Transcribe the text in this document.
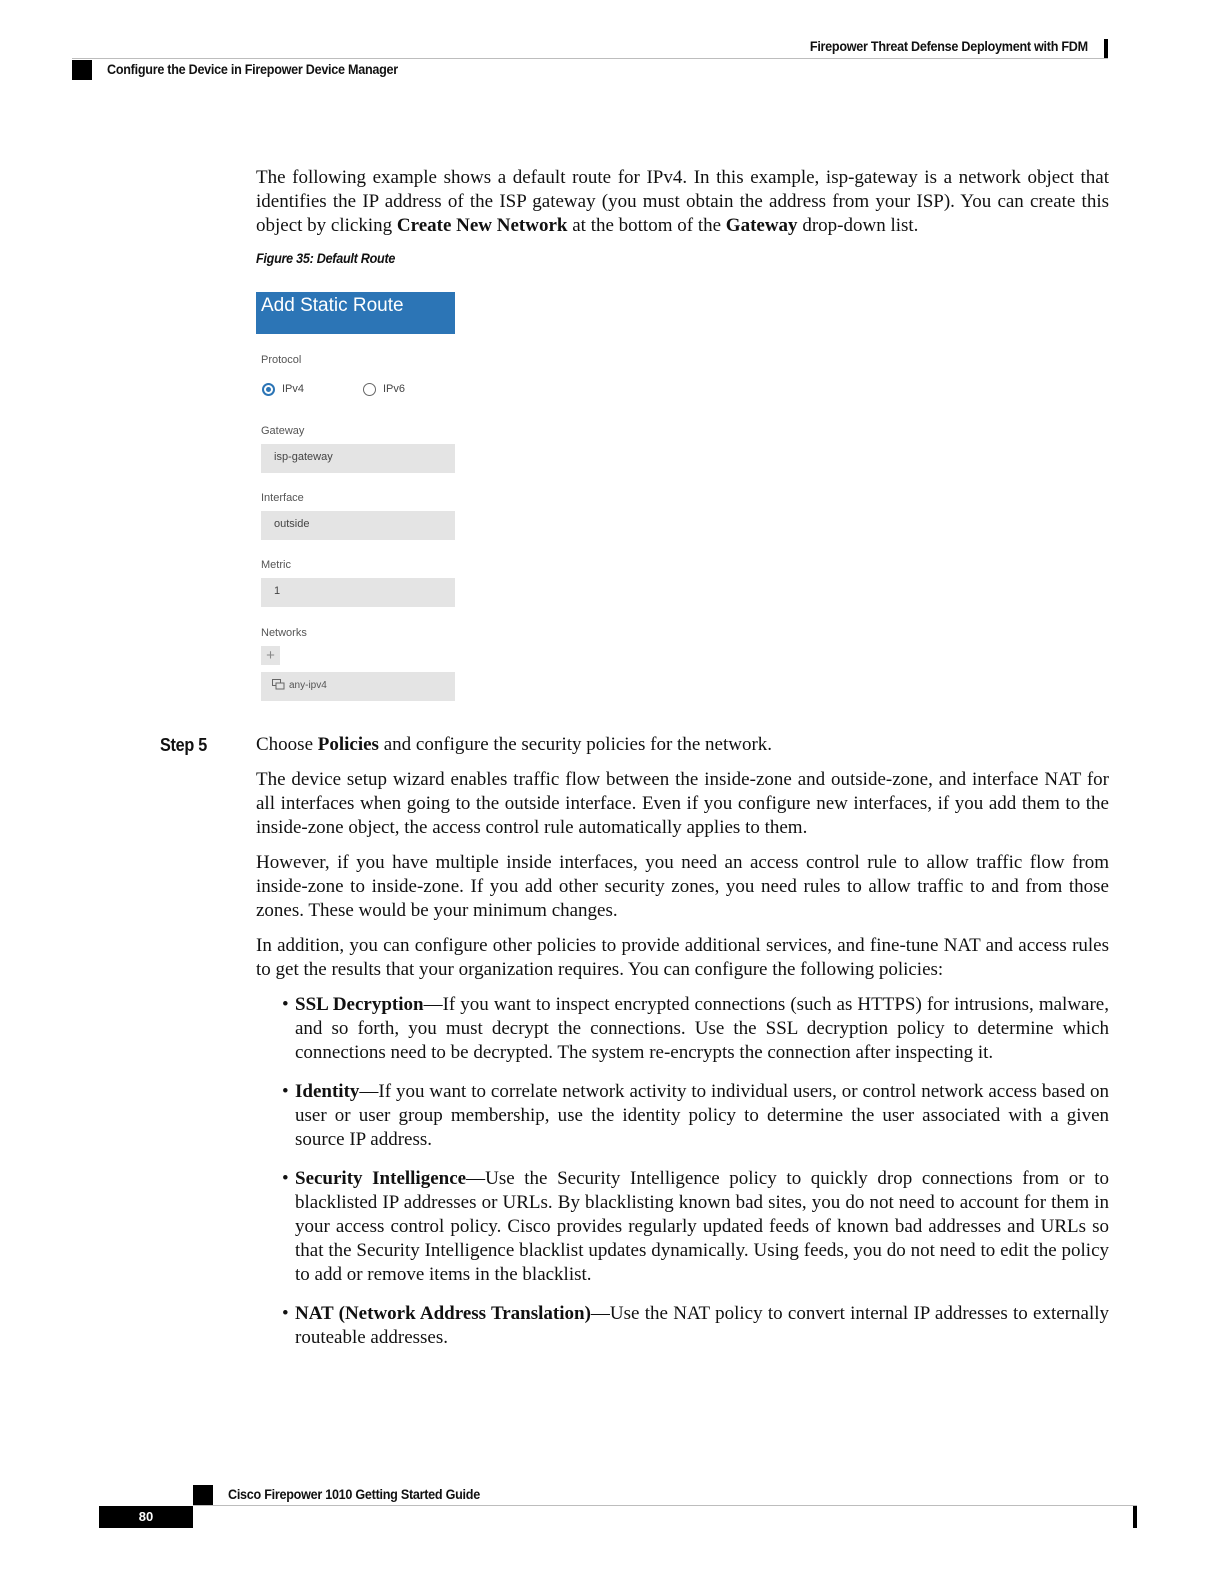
Firepower Threat Defense Deployment with FDM
Configure the Device in Firepower Device Manager

The following example shows a default route for IPv4. In this example, isp-gateway is a network object that identifies the IP address of the ISP gateway (you must obtain the address from your ISP). You can create this object by clicking Create New Network at the bottom of the Gateway drop-down list.

Figure 35: Default Route
Add Static Route
Protocol
IPv4	IPv6
Gateway
isp-gateway
Interface
outside
Metric
1
Networks
+
any-ipv4
Step 5	Choose Policies and configure the security policies for the network.

The device setup wizard enables traffic flow between the inside-zone and outside-zone, and interface NAT for all interfaces when going to the outside interface. Even if you configure new interfaces, if you add them to the inside-zone object, the access control rule automatically applies to them.

However, if you have multiple inside interfaces, you need an access control rule to allow traffic flow from inside-zone to inside-zone. If you add other security zones, you need rules to allow traffic to and from those zones. These would be your minimum changes.

In addition, you can configure other policies to provide additional services, and fine-tune NAT and access rules to get the results that your organization requires. You can configure the following policies:

• SSL Decryption—If you want to inspect encrypted connections (such as HTTPS) for intrusions, malware, and so forth, you must decrypt the connections. Use the SSL decryption policy to determine which connections need to be decrypted. The system re-encrypts the connection after inspecting it.
• Identity—If you want to correlate network activity to individual users, or control network access based on user or user group membership, use the identity policy to determine the user associated with a given source IP address.
• Security Intelligence—Use the Security Intelligence policy to quickly drop connections from or to blacklisted IP addresses or URLs. By blacklisting known bad sites, you do not need to account for them in your access control policy. Cisco provides regularly updated feeds of known bad addresses and URLs so that the Security Intelligence blacklist updates dynamically. Using feeds, you do not need to edit the policy to add or remove items in the blacklist.
• NAT (Network Address Translation)—Use the NAT policy to convert internal IP addresses to externally routeable addresses.
Cisco Firepower 1010 Getting Started Guide
80
